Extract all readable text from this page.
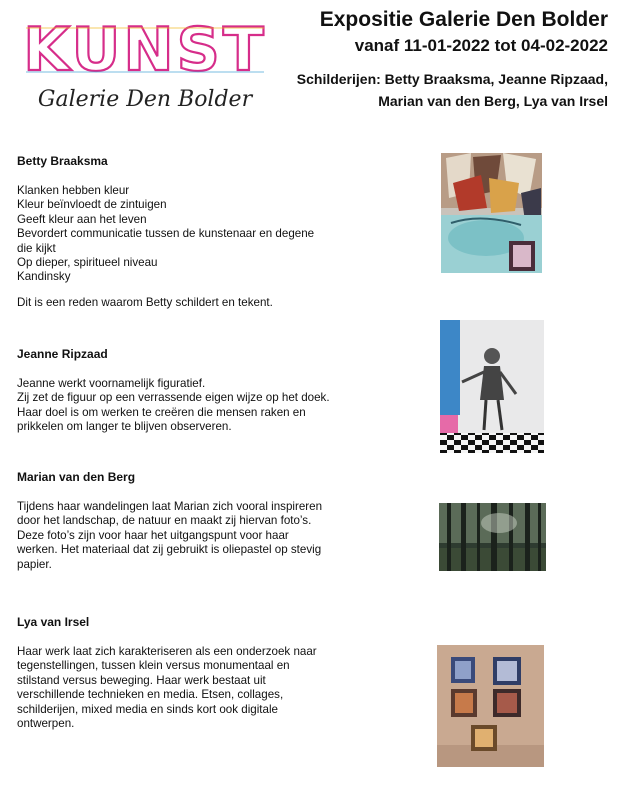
KUNST
Galerie Den Bolder
Expositie Galerie Den Bolder
vanaf 11-01-2022 tot 04-02-2022
Schilderijen: Betty Braaksma, Jeanne Ripzaad,
Marian van den Berg, Lya van Irsel
Betty Braaksma
Klanken hebben kleur
Kleur beïnvloedt de zintuigen
Geeft kleur aan het leven
Bevordert communicatie tussen de kunstenaar en degene
die kijkt
Op dieper, spiritueel niveau
Kandinsky

Dit is een reden waarom Betty schildert en tekent.

Jeanne Ripzaad
Jeanne werkt voornamelijk figuratief.
Zij zet de figuur op een verrassende eigen wijze op het doek.
Haar doel is om werken te creëren die mensen raken en
prikkelen om langer te blijven observeren.
Marian van den Berg
Tijdens haar wandelingen laat Marian zich vooral inspireren
door het landschap, de natuur en maakt zij hiervan foto’s.
Deze foto’s zijn voor haar het uitgangspunt voor haar
werken. Het materiaal dat zij gebruikt is oliepastel op stevig
papier.
Lya van Irsel
Haar werk laat zich karakteriseren als een onderzoek naar
tegenstellingen, tussen klein versus monumentaal en
stilstand versus beweging. Haar werk bestaat uit
verschillende technieken en media. Etsen, collages,
schilderijen, mixed media en sinds kort ook digitale
ontwerpen.
